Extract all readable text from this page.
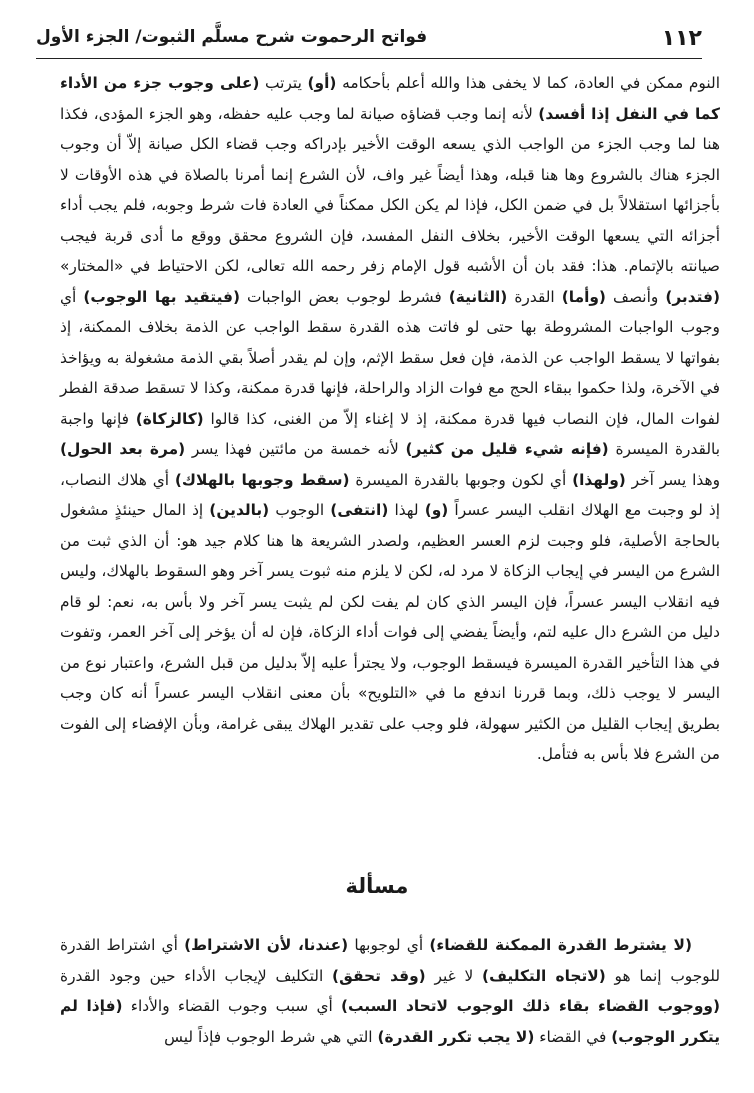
١١٢
فواتح الرحموت شرح مسلَّم الثبوت/ الجزء الأول

النوم ممكن في العادة، كما لا يخفى هذا والله أعلم بأحكامه (أو) يترتب (على وجوب جزء من الأداء كما في النفل إذا أفسد) لأنه إنما وجب قضاؤه صيانة لما وجب عليه حفظه، وهو الجزء المؤدى، فكذا هنا لما وجب الجزء من الواجب الذي يسعه الوقت الأخير بإدراكه وجب قضاء الكل صيانة إلاّ أن وجوب الجزء هناك بالشروع وها هنا قبله، وهذا أيضاً غير واف، لأن الشرع إنما أمرنا بالصلاة في هذه الأوقات لا بأجزائها استقلالاً بل في ضمن الكل، فإذا لم يكن الكل ممكناً في العادة فات شرط وجوبه، فلم يجب أداء أجزائه التي يسعها الوقت الأخير، بخلاف النفل المفسد، فإن الشروع محقق ووقع ما أدى قربة فيجب صيانته بالإتمام. هذا: فقد بان أن الأشبه قول الإمام زفر رحمه الله تعالى، لكن الاحتياط في «المختار» (فتدبر) وأنصف (وأما) القدرة (الثانية) فشرط لوجوب بعض الواجبات (فيتقيد بها الوجوب) أي وجوب الواجبات المشروطة بها حتى لو فاتت هذه القدرة سقط الواجب عن الذمة بخلاف الممكنة، إذ بفواتها لا يسقط الواجب عن الذمة، فإن فعل سقط الإثم، وإن لم يقدر أصلاً بقي الذمة مشغولة به ويؤاخذ في الآخرة، ولذا حكموا ببقاء الحج مع فوات الزاد والراحلة، فإنها قدرة ممكنة، وكذا لا تسقط صدقة الفطر لفوات المال، فإن النصاب فيها قدرة ممكنة، إذ لا إغناء إلاّ من الغنى، كذا قالوا (كالزكاة) فإنها واجبة بالقدرة الميسرة (فإنه شيء قليل من كثير) لأنه خمسة من مائتين فهذا يسر (مرة بعد الحول) وهذا يسر آخر (ولهذا) أي لكون وجوبها بالقدرة الميسرة (سقط وجوبها بالهلاك) أي هلاك النصاب، إذ لو وجبت مع الهلاك انقلب اليسر عسراً (و) لهذا (انتفى) الوجوب (بالدين) إذ المال حينئذٍ مشغول بالحاجة الأصلية، فلو وجبت لزم العسر العظيم، ولصدر الشريعة ها هنا كلام جيد هو: أن الذي ثبت من الشرع من اليسر في إيجاب الزكاة لا مرد له، لكن لا يلزم منه ثبوت يسر آخر وهو السقوط بالهلاك، وليس فيه انقلاب اليسر عسراً، فإن اليسر الذي كان لم يفت لكن لم يثبت يسر آخر ولا بأس به، نعم: لو قام دليل من الشرع دال عليه لتم، وأيضاً يفضي إلى فوات أداء الزكاة، فإن له أن يؤخر إلى آخر العمر، وتفوت في هذا التأخير القدرة الميسرة فيسقط الوجوب، ولا يجترأ عليه إلاّ بدليل من قبل الشرع، واعتبار نوع من اليسر لا يوجب ذلك، وبما قررنا اندفع ما في «التلويح» بأن معنى انقلاب اليسر عسراً أنه كان وجب بطريق إيجاب القليل من الكثير سهولة، فلو وجب على تقدير الهلاك يبقى غرامة، وبأن الإفضاء إلى الفوت من الشرع فلا بأس به فتأمل.

مسألة

(لا يشترط القدرة الممكنة للقضاء) أي لوجوبها (عندنا، لأن الاشتراط) أي اشتراط القدرة للوجوب إنما هو (لاتجاه التكليف) لا غير (وقد تحقق) التكليف لإيجاب الأداء حين وجود القدرة (ووجوب القضاء بقاء ذلك الوجوب لاتحاد السبب) أي سبب وجوب القضاء والأداء (فإذا لم يتكرر الوجوب) في القضاء (لا يجب تكرر القدرة) التي هي شرط الوجوب فإذاً ليس
